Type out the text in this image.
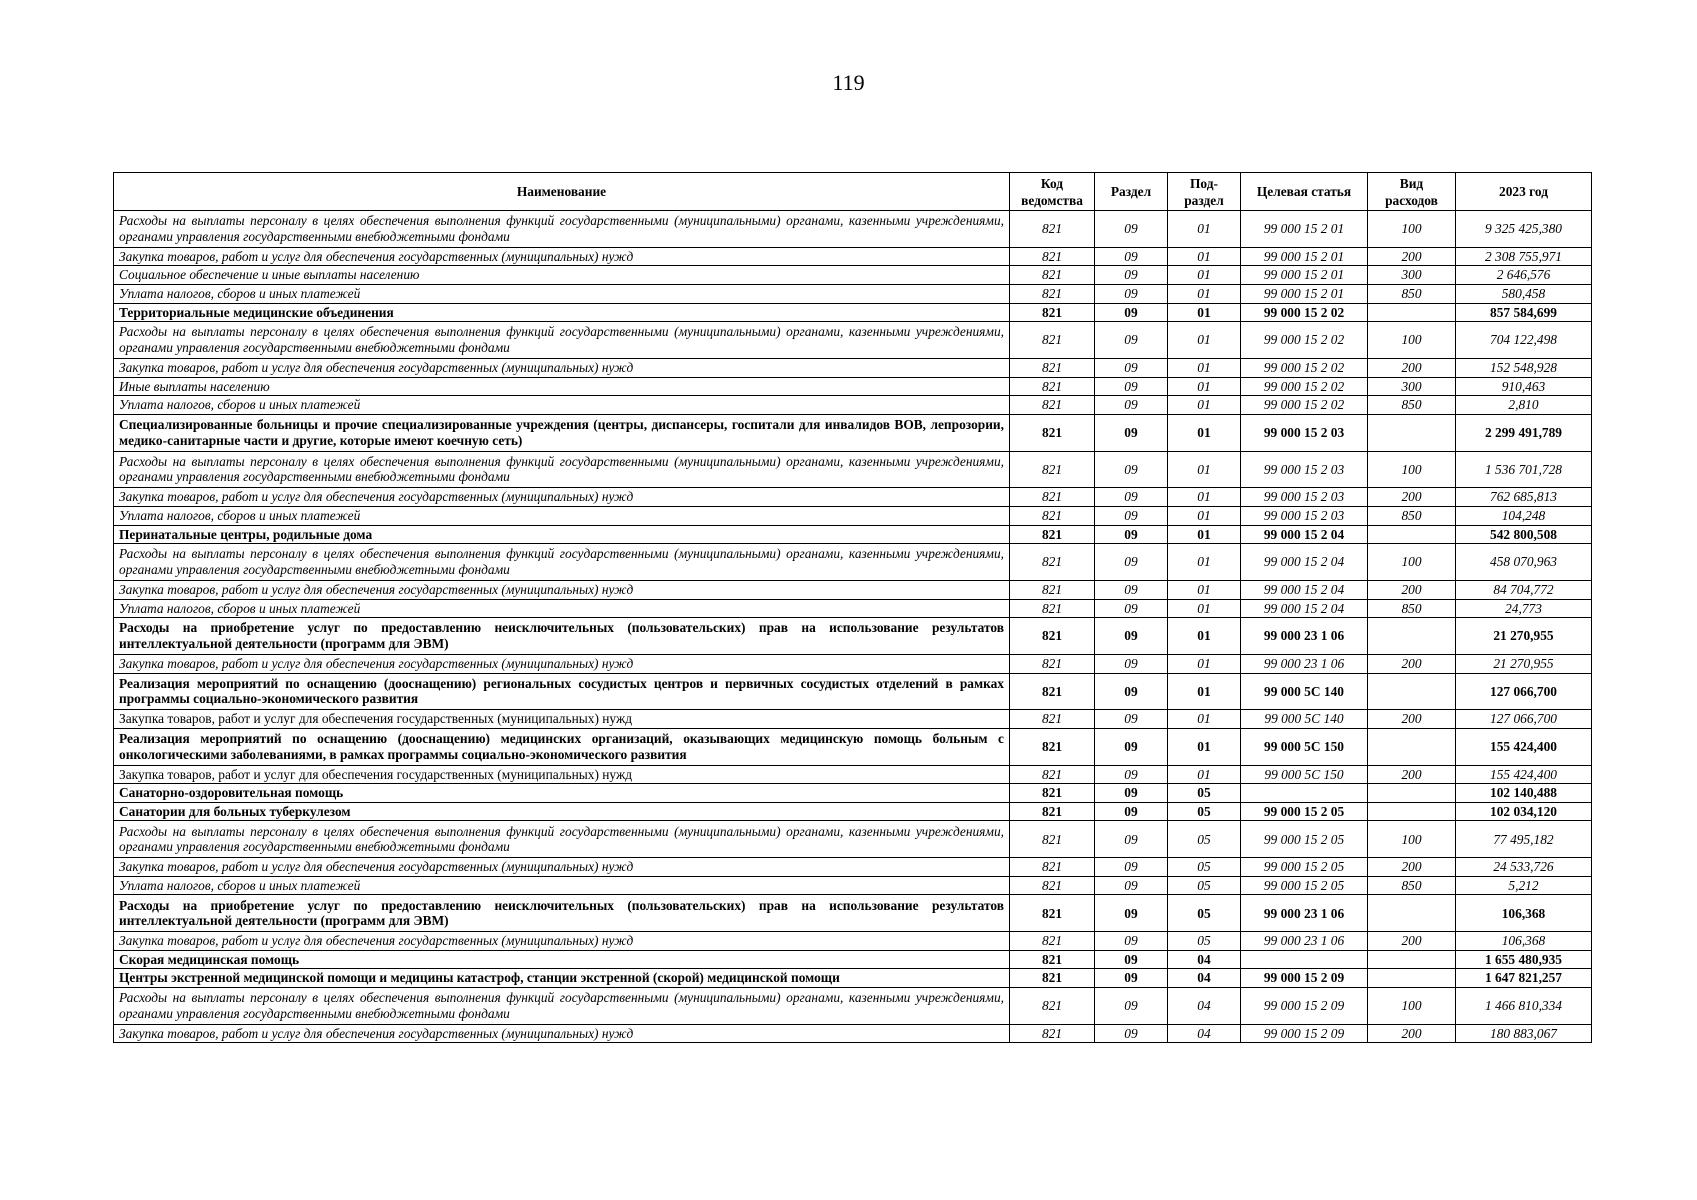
119
Наименование	Код ведомства	Раздел	Под-раздел	Целевая статья	Вид расходов	2023 год
Расходы на выплаты персоналу в целях обеспечения выполнения функций государственными (муниципальными) органами, казенными учреждениями, органами управления государственными внебюджетными фондами	821	09	01	99 000 15 2 01	100	9 325 425,380
Закупка товаров, работ и услуг для обеспечения государственных (муниципальных) нужд	821	09	01	99 000 15 2 01	200	2 308 755,971
Социальное обеспечение и иные выплаты населению	821	09	01	99 000 15 2 01	300	2 646,576
Уплата налогов, сборов и иных платежей	821	09	01	99 000 15 2 01	850	580,458
Территориальные медицинские объединения	821	09	01	99 000 15 2 02		857 584,699
Расходы на выплаты персоналу в целях обеспечения выполнения функций государственными (муниципальными) органами, казенными учреждениями, органами управления государственными внебюджетными фондами	821	09	01	99 000 15 2 02	100	704 122,498
Закупка товаров, работ и услуг для обеспечения государственных (муниципальных) нужд	821	09	01	99 000 15 2 02	200	152 548,928
Иные выплаты населению	821	09	01	99 000 15 2 02	300	910,463
Уплата налогов, сборов и иных платежей	821	09	01	99 000 15 2 02	850	2,810
Специализированные больницы и прочие специализированные учреждения (центры, диспансеры, госпитали для инвалидов ВОВ, лепрозории, медико-санитарные части и другие, которые имеют коечную сеть)	821	09	01	99 000 15 2 03		2 299 491,789
Расходы на выплаты персоналу в целях обеспечения выполнения функций государственными (муниципальными) органами, казенными учреждениями, органами управления государственными внебюджетными фондами	821	09	01	99 000 15 2 03	100	1 536 701,728
Закупка товаров, работ и услуг для обеспечения государственных (муниципальных) нужд	821	09	01	99 000 15 2 03	200	762 685,813
Уплата налогов, сборов и иных платежей	821	09	01	99 000 15 2 03	850	104,248
Перинатальные центры, родильные дома	821	09	01	99 000 15 2 04		542 800,508
Расходы на выплаты персоналу в целях обеспечения выполнения функций государственными (муниципальными) органами, казенными учреждениями, органами управления государственными внебюджетными фондами	821	09	01	99 000 15 2 04	100	458 070,963
Закупка товаров, работ и услуг для обеспечения государственных (муниципальных) нужд	821	09	01	99 000 15 2 04	200	84 704,772
Уплата налогов, сборов и иных платежей	821	09	01	99 000 15 2 04	850	24,773
Расходы на приобретение услуг по предоставлению неисключительных (пользовательских) прав на использование результатов интеллектуальной деятельности (программ для ЭВМ)	821	09	01	99 000 23 1 06		21 270,955
Закупка товаров, работ и услуг для обеспечения государственных (муниципальных) нужд	821	09	01	99 000 23 1 06	200	21 270,955
Реализация мероприятий по оснащению (дооснащению) региональных сосудистых центров и первичных сосудистых отделений в рамках программы социально-экономического развития	821	09	01	99 000 5С 140		127 066,700
Закупка товаров, работ и услуг для обеспечения государственных (муниципальных) нужд	821	09	01	99 000 5С 140	200	127 066,700
Реализация мероприятий по оснащению (дооснащению) медицинских организаций, оказывающих медицинскую помощь больным с онкологическими заболеваниями, в рамках программы социально-экономического развития	821	09	01	99 000 5С 150		155 424,400
Закупка товаров, работ и услуг для обеспечения государственных (муниципальных) нужд	821	09	01	99 000 5С 150	200	155 424,400
Санаторно-оздоровительная помощь	821	09	05			102 140,488
Санатории для больных туберкулезом	821	09	05	99 000 15 2 05		102 034,120
Расходы на выплаты персоналу в целях обеспечения выполнения функций государственными (муниципальными) органами, казенными учреждениями, органами управления государственными внебюджетными фондами	821	09	05	99 000 15 2 05	100	77 495,182
Закупка товаров, работ и услуг для обеспечения государственных (муниципальных) нужд	821	09	05	99 000 15 2 05	200	24 533,726
Уплата налогов, сборов и иных платежей	821	09	05	99 000 15 2 05	850	5,212
Расходы на приобретение услуг по предоставлению неисключительных (пользовательских) прав на использование результатов интеллектуальной деятельности (программ для ЭВМ)	821	09	05	99 000 23 1 06		106,368
Закупка товаров, работ и услуг для обеспечения государственных (муниципальных) нужд	821	09	05	99 000 23 1 06	200	106,368
Скорая медицинская помощь	821	09	04			1 655 480,935
Центры экстренной медицинской помощи и медицины катастроф, станции экстренной (скорой) медицинской помощи	821	09	04	99 000 15 2 09		1 647 821,257
Расходы на выплаты персоналу в целях обеспечения выполнения функций государственными (муниципальными) органами, казенными учреждениями, органами управления государственными внебюджетными фондами	821	09	04	99 000 15 2 09	100	1 466 810,334
Закупка товаров, работ и услуг для обеспечения государственных (муниципальных) нужд	821	09	04	99 000 15 2 09	200	180 883,067
